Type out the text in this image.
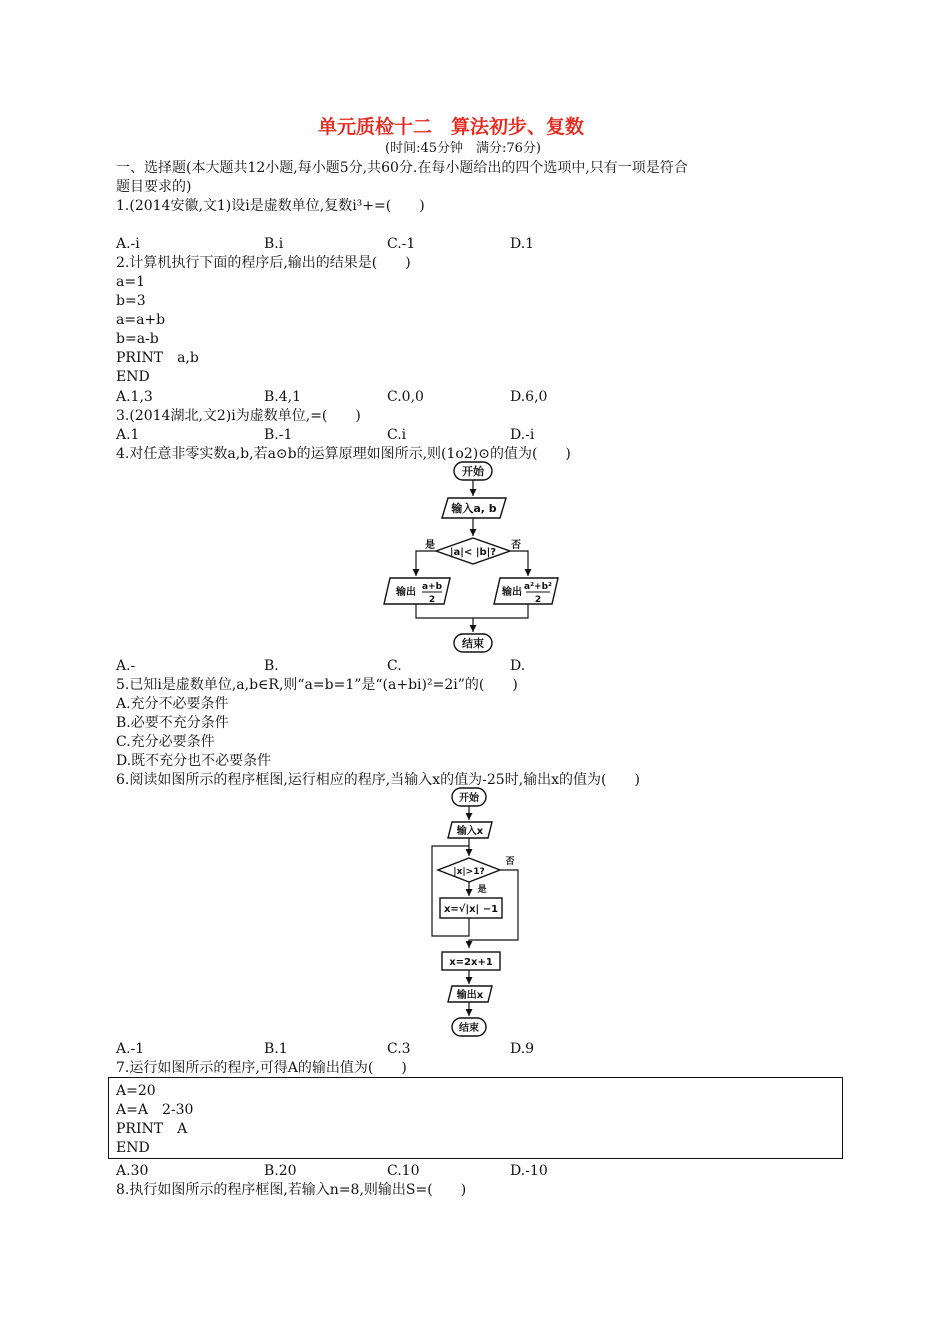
单元质检十二　算法初步、复数
(时间:45分钟　满分:76分)
一、选择题(本大题共12小题,每小题5分,共60分.在每小题给出的四个选项中,只有一项是符合
题目要求的)
1.(2014安徽,文1)设i是虚数单位,复数i³+=(　　)
A.-i	B.i	C.-1	D.1
2.计算机执行下面的程序后,输出的结果是(　　)
a=1
b=3
a=a+b
b=a-b
PRINT　a,b
END
A.1,3	B.4,1	C.0,0	D.6,0
3.(2014湖北,文2)i为虚数单位,=(　　)
A.1	B.-1	C.i	D.-i
4.对任意非零实数a,b,若a⊙b的运算原理如图所示,则(1o2)⊙的值为(　　)
开始
输入a, b
|a|< |b|?
是	否
输出 a+b
2
输出 a²+b²
2
结束
A.-	B.	C.	D.
5.已知i是虚数单位,a,b∈R,则“a=b=1”是“(a+bi)²=2i”的(　　)
A.充分不必要条件
B.必要不充分条件
C.充分必要条件
D.既不充分也不必要条件
6.阅读如图所示的程序框图,运行相应的程序,当输入x的值为-25时,输出x的值为(　　)
开始
输入x
|x|>1?
否
是
x=√|x| −1
x=2x+1
输出x
结束
A.-1	B.1	C.3	D.9
7.运行如图所示的程序,可得A的输出值为(　　)
A=20
A=A　2-30
PRINT　A
END
A.30	B.20	C.10	D.-10
8.执行如图所示的程序框图,若输入n=8,则输出S=(　　)
